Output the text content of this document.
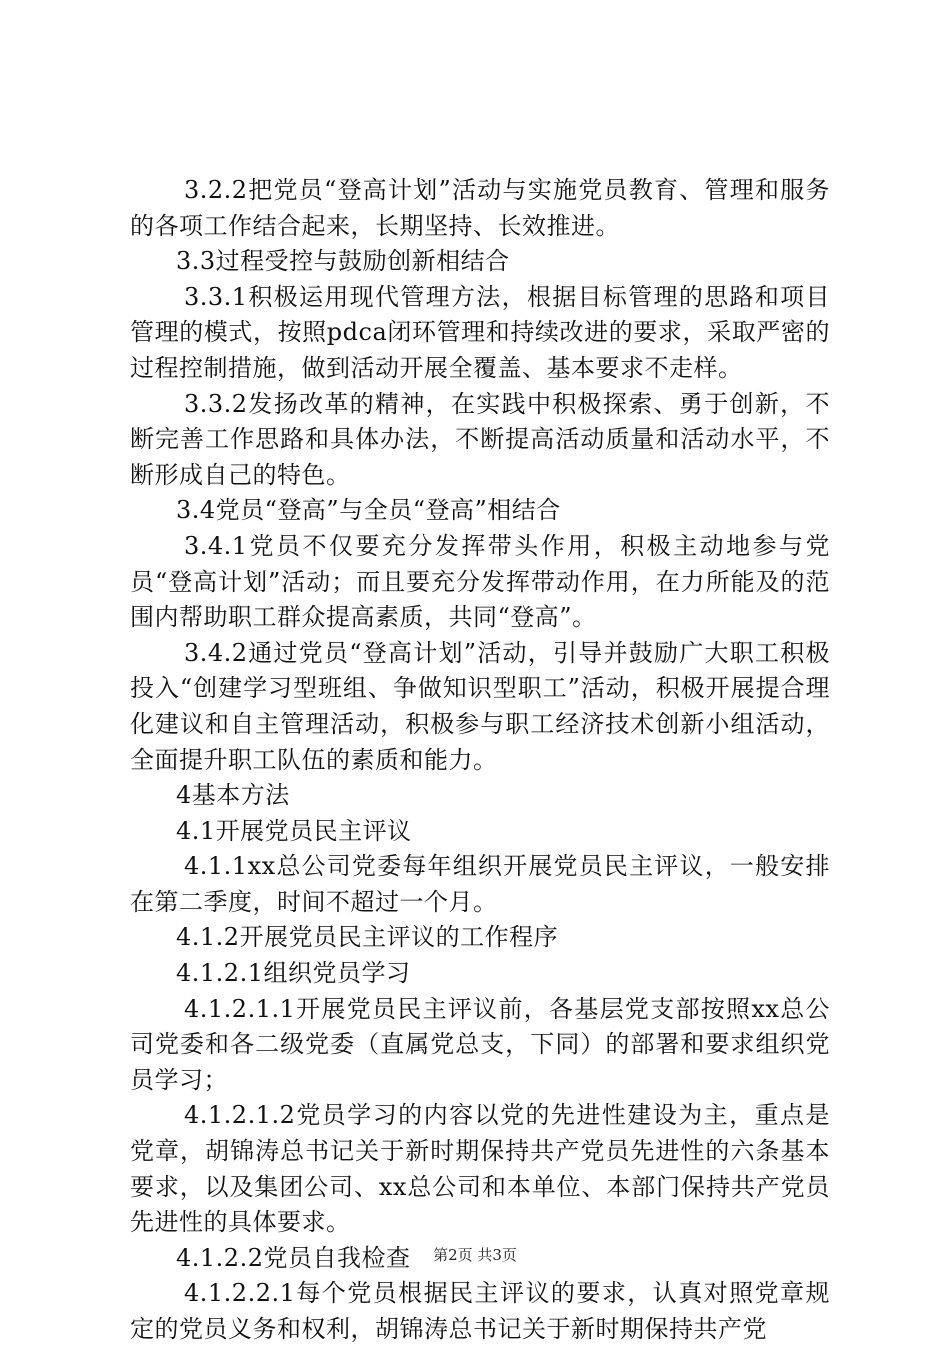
3.2.2把党员“登高计划”活动与实施党员教育、管理和服务的各项工作结合起来，长期坚持、长效推进。

3.3过程受控与鼓励创新相结合

3.3.1积极运用现代管理方法，根据目标管理的思路和项目管理的模式，按照pdca闭环管理和持续改进的要求，采取严密的过程控制措施，做到活动开展全覆盖、基本要求不走样。

3.3.2发扬改革的精神，在实践中积极探索、勇于创新，不断完善工作思路和具体办法，不断提高活动质量和活动水平，不断形成自己的特色。

3.4党员“登高”与全员“登高”相结合

3.4.1党员不仅要充分发挥带头作用，积极主动地参与党员“登高计划”活动；而且要充分发挥带动作用，在力所能及的范围内帮助职工群众提高素质，共同“登高”。

3.4.2通过党员“登高计划”活动，引导并鼓励广大职工积极投入“创建学习型班组、争做知识型职工”活动，积极开展提合理化建议和自主管理活动，积极参与职工经济技术创新小组活动，全面提升职工队伍的素质和能力。

4基本方法

4.1开展党员民主评议

4.1.1xx总公司党委每年组织开展党员民主评议，一般安排在第二季度，时间不超过一个月。

4.1.2开展党员民主评议的工作程序

4.1.2.1组织党员学习

4.1.2.1.1开展党员民主评议前，各基层党支部按照xx总公司党委和各二级党委（直属党总支，下同）的部署和要求组织党员学习；

4.1.2.1.2党员学习的内容以党的先进性建设为主，重点是党章，胡锦涛总书记关于新时期保持共产党员先进性的六条基本要求，以及集团公司、xx总公司和本单位、本部门保持共产党员先进性的具体要求。

4.1.2.2党员自我检查

4.1.2.2.1每个党员根据民主评议的要求，认真对照党章规定的党员义务和权利，胡锦涛总书记关于新时期保持共产党

第2页 共3页
